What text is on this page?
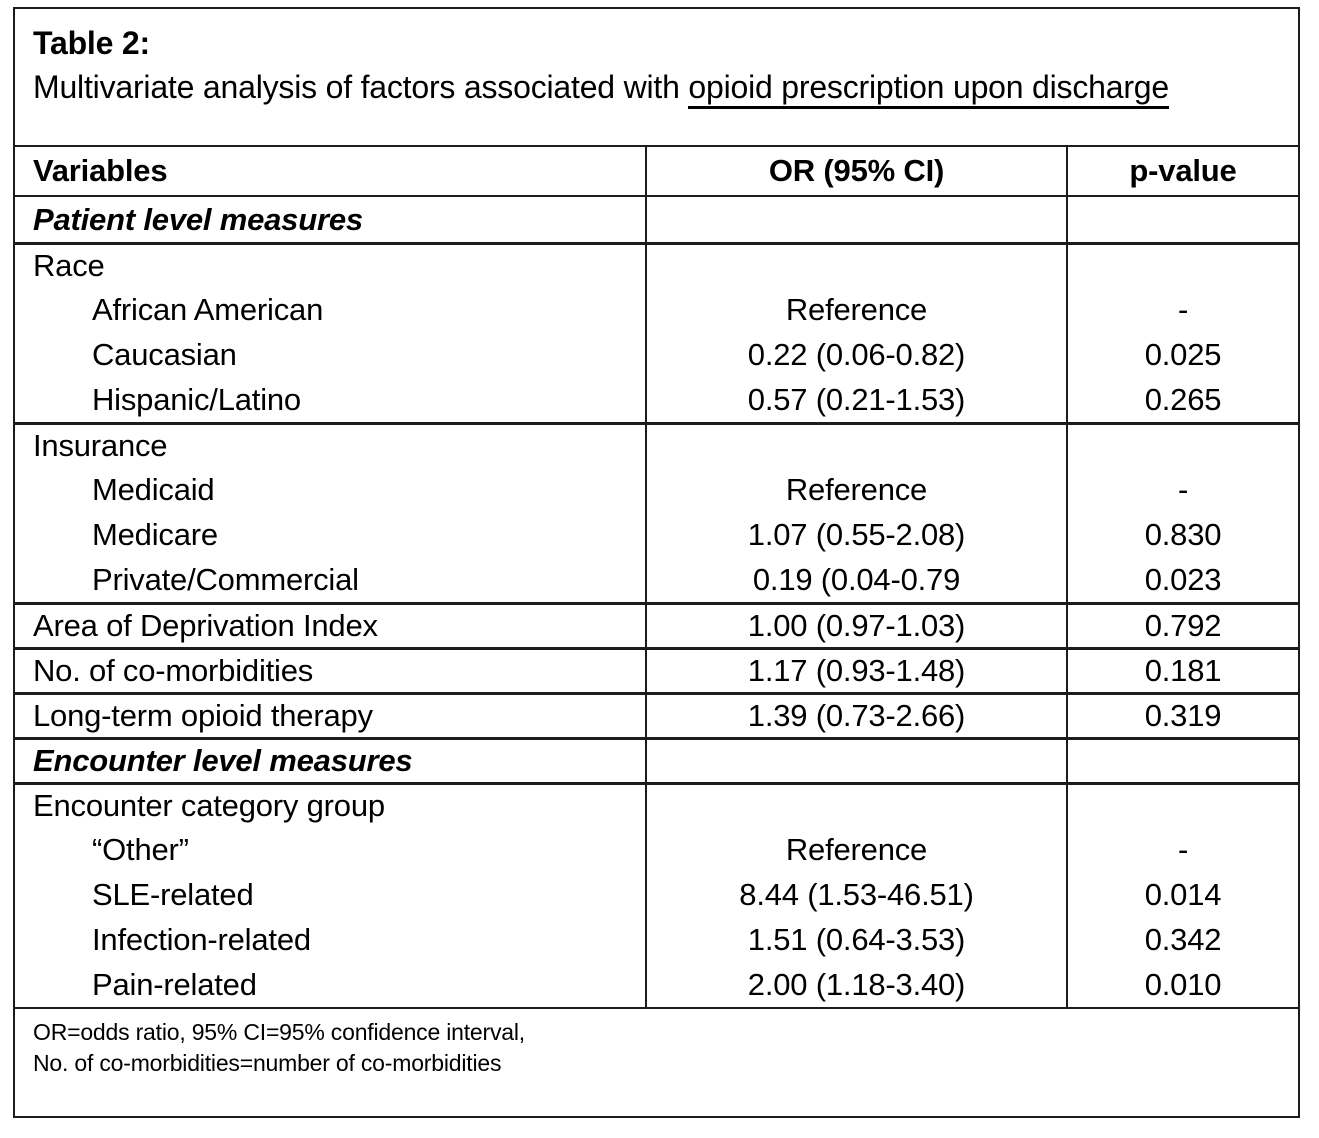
Table 2:
Multivariate analysis of factors associated with opioid prescription upon discharge
Variables	OR (95% CI)	p-value
Patient level measures
Race
African American	Reference	-
Caucasian	0.22 (0.06-0.82)	0.025
Hispanic/Latino	0.57 (0.21-1.53)	0.265
Insurance
Medicaid	Reference	-
Medicare	1.07 (0.55-2.08)	0.830
Private/Commercial	0.19 (0.04-0.79	0.023
Area of Deprivation Index	1.00 (0.97-1.03)	0.792
No. of co-morbidities	1.17 (0.93-1.48)	0.181
Long-term opioid therapy	1.39 (0.73-2.66)	0.319
Encounter level measures
Encounter category group
“Other”	Reference	-
SLE-related	8.44 (1.53-46.51)	0.014
Infection-related	1.51 (0.64-3.53)	0.342
Pain-related	2.00 (1.18-3.40)	0.010
OR=odds ratio, 95% CI=95% confidence interval,
No. of co-morbidities=number of co-morbidities
